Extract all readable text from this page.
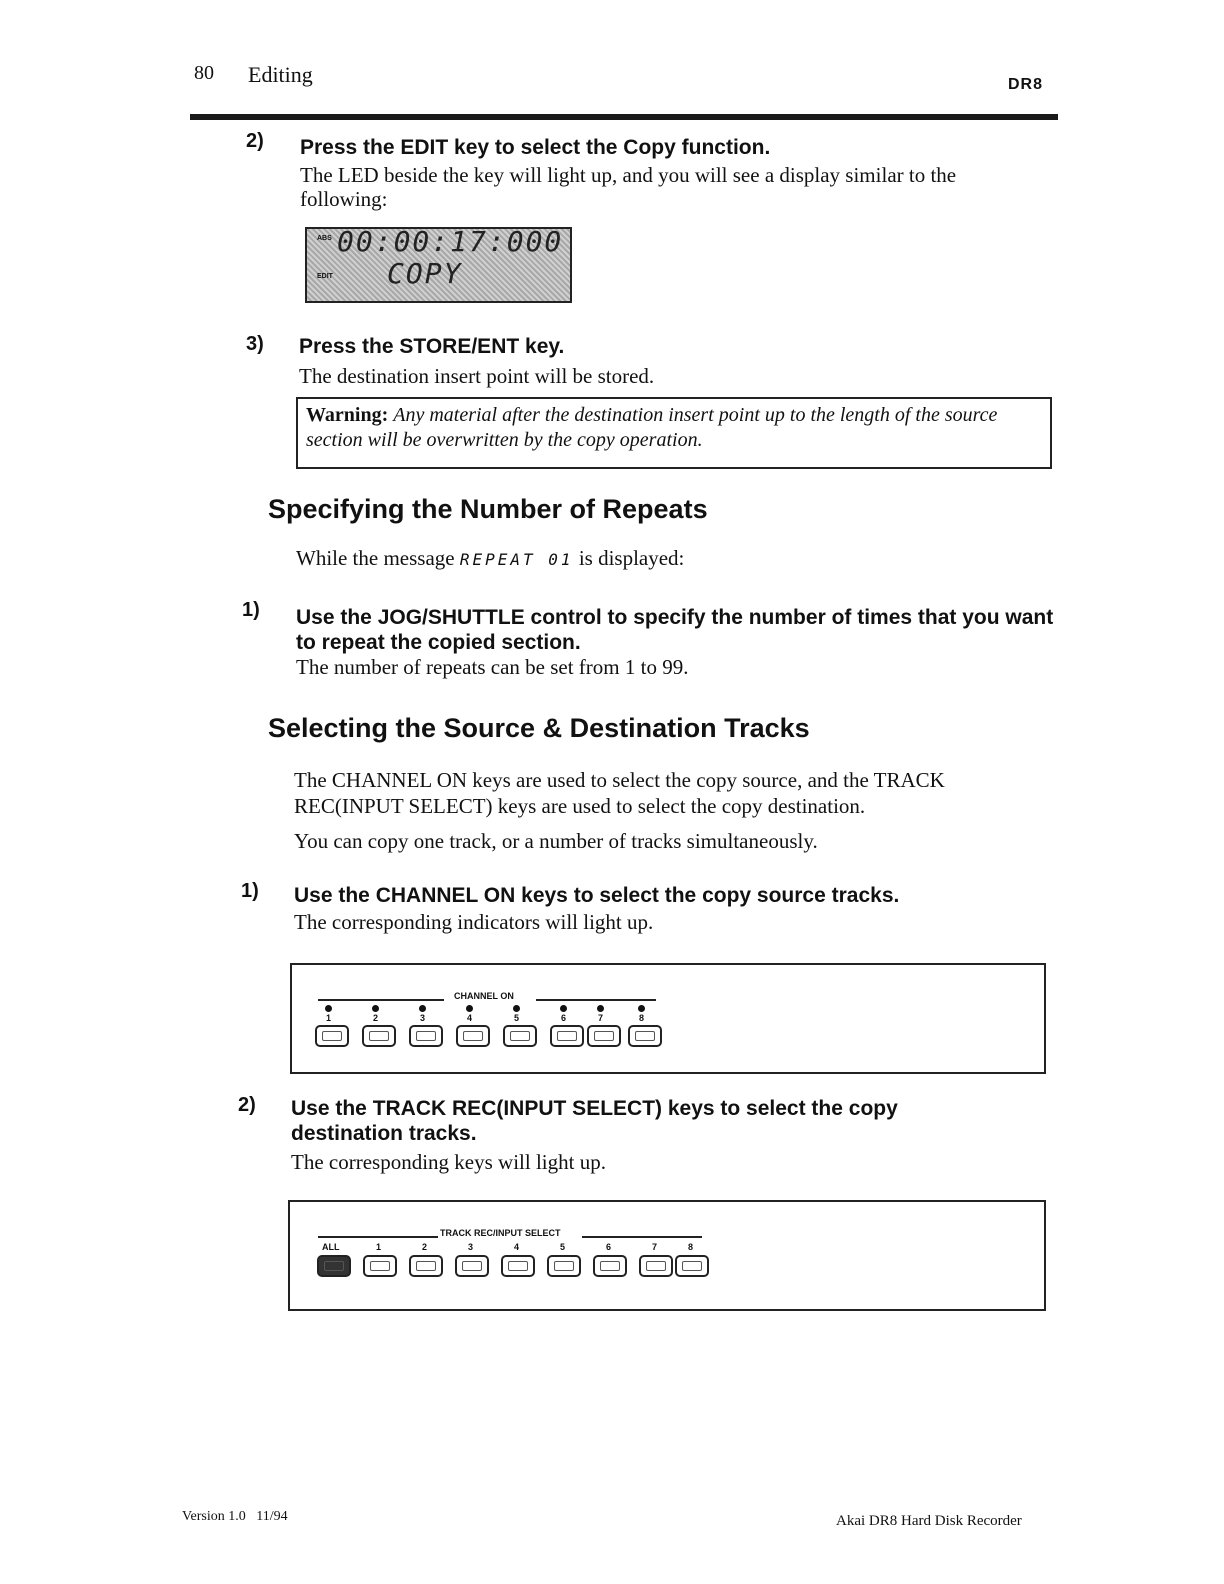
80 Editing	DR8
2) Press the EDIT key to select the Copy function.
The LED beside the key will light up, and you will see a display similar to the following:
ABS 00:00:17:000
EDIT COPY
3) Press the STORE/ENT key.
The destination insert point will be stored.
Warning: Any material after the destination insert point up to the length of the source section will be overwritten by the copy operation.
Specifying the Number of Repeats
While the message REPEAT 01 is displayed:
1) Use the JOG/SHUTTLE control to specify the number of times that you want to repeat the copied section.
The number of repeats can be set from 1 to 99.
Selecting the Source & Destination Tracks
The CHANNEL ON keys are used to select the copy source, and the TRACK REC(INPUT SELECT) keys are used to select the copy destination.
You can copy one track, or a number of tracks simultaneously.
1) Use the CHANNEL ON keys to select the copy source tracks.
The corresponding indicators will light up.
CHANNEL ON
1	2	3	4	5	6	7	8
2) Use the TRACK REC(INPUT SELECT) keys to select the copy destination tracks.
The corresponding keys will light up.
TRACK REC/INPUT SELECT
ALL	1	2	3	4	5	6	7	8
Version 1.0   11/94	Akai DR8 Hard Disk Recorder
